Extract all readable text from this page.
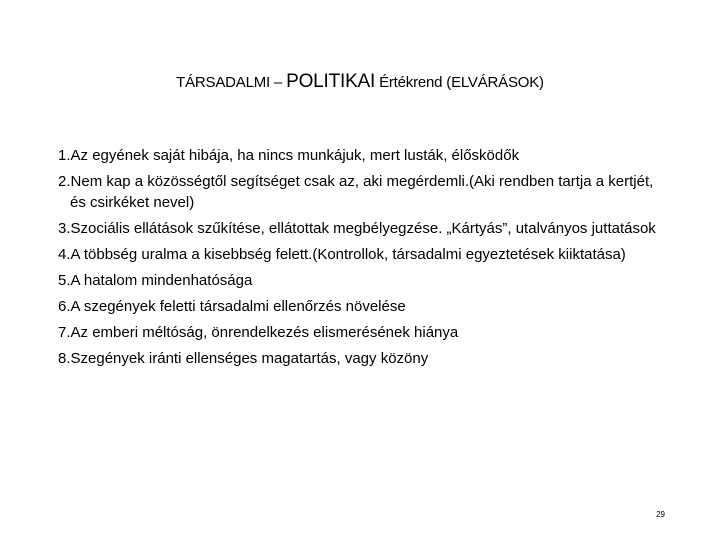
TÁRSADALMI – POLITIKAI Értékrend (ELVÁRÁSOK)
1.Az egyének saját hibája, ha nincs munkájuk, mert lusták, élősködők
2.Nem kap a közösségtől segítséget csak az, aki megérdemli.(Aki rendben tartja a kertjét, és csirkéket nevel)
3.Szociális ellátások szűkítése, ellátottak megbélyegzése. „Kártyás”, utalványos juttatások
4.A többség uralma a kisebbség felett.(Kontrollok, társadalmi egyeztetések kiiktatása)
5.A hatalom mindenhatósága
6.A szegények feletti társadalmi ellenőrzés növelése
7.Az emberi méltóság, önrendelkezés elismerésének hiánya
8.Szegények iránti ellenséges magatartás, vagy közöny
29
